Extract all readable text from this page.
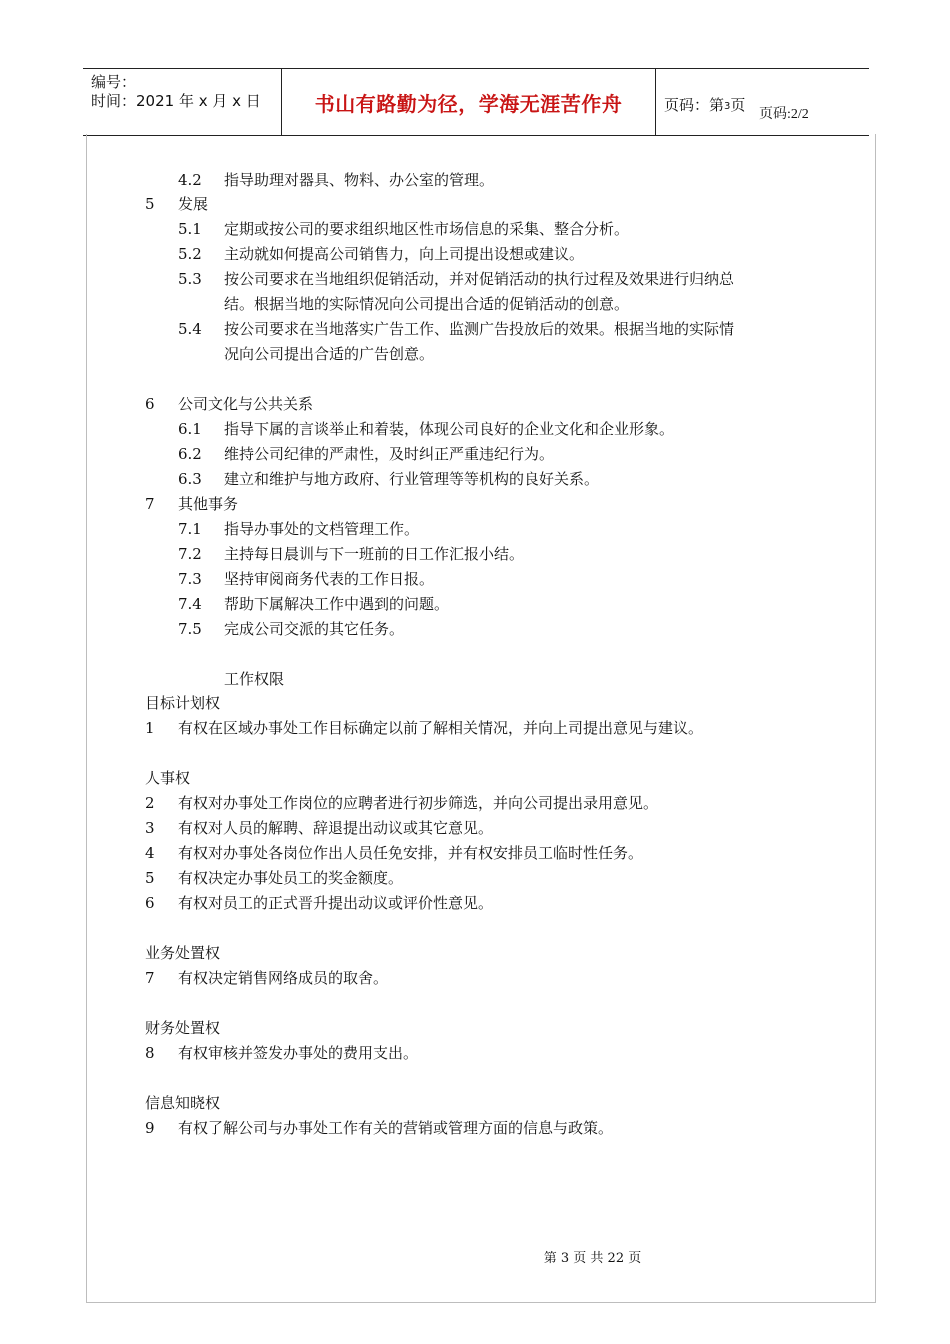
编号：
时间：2021 年 x 月 x 日	书山有路勤为径，学海无涯苦作舟	页码：第3页
页码:2/2
4.2 指导助理对器具、物料、办公室的管理。
5 发展
5.1 定期或按公司的要求组织地区性市场信息的采集、整合分析。
5.2 主动就如何提高公司销售力，向上司提出设想或建议。
5.3 按公司要求在当地组织促销活动，并对促销活动的执行过程及效果进行归纳总
结。根据当地的实际情况向公司提出合适的促销活动的创意。
5.4 按公司要求在当地落实广告工作、监测广告投放后的效果。根据当地的实际情
况向公司提出合适的广告创意。
6 公司文化与公共关系
6.1 指导下属的言谈举止和着装，体现公司良好的企业文化和企业形象。
6.2 维持公司纪律的严肃性，及时纠正严重违纪行为。
6.3 建立和维护与地方政府、行业管理等等机构的良好关系。
7 其他事务
7.1 指导办事处的文档管理工作。
7.2 主持每日晨训与下一班前的日工作汇报小结。
7.3 坚持审阅商务代表的工作日报。
7.4 帮助下属解决工作中遇到的问题。
7.5 完成公司交派的其它任务。
工作权限
目标计划权
1 有权在区域办事处工作目标确定以前了解相关情况，并向上司提出意见与建议。
人事权
2 有权对办事处工作岗位的应聘者进行初步筛选，并向公司提出录用意见。
3 有权对人员的解聘、辞退提出动议或其它意见。
4 有权对办事处各岗位作出人员任免安排，并有权安排员工临时性任务。
5 有权决定办事处员工的奖金额度。
6 有权对员工的正式晋升提出动议或评价性意见。
业务处置权
7 有权决定销售网络成员的取舍。
财务处置权
8 有权审核并签发办事处的费用支出。
信息知晓权
9 有权了解公司与办事处工作有关的营销或管理方面的信息与政策。
第 3 页 共 22 页
